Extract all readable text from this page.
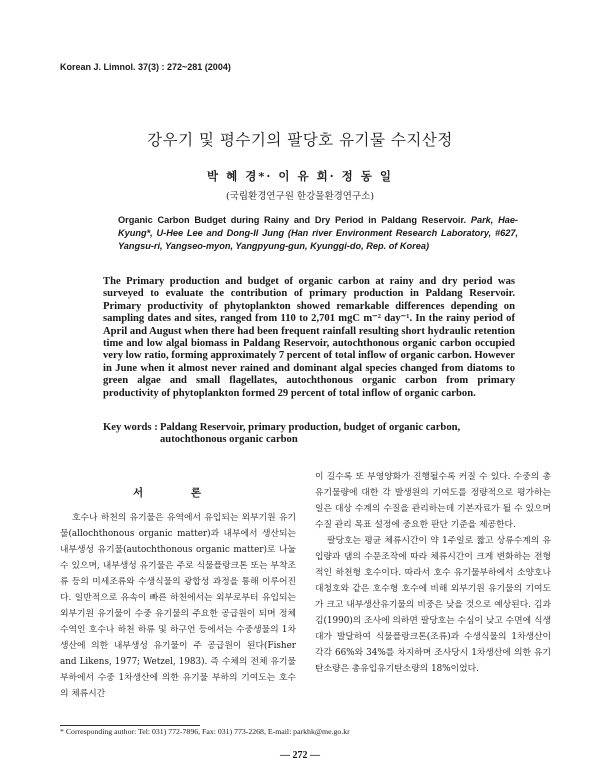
Korean J. Limnol. 37(3) : 272~281 (2004)
강우기 및 평수기의 팔당호 유기물 수지산정
박 혜 경*· 이 유 희· 정 동 일
(국립환경연구원 한강물환경연구소)
Organic Carbon Budget during Rainy and Dry Period in Paldang Reservoir. Park, Hae-Kyung*, U-Hee Lee and Dong-Il Jung (Han river Environment Research Laboratory, #627, Yangsu-ri, Yangseo-myon, Yangpyung-gun, Kyunggi-do, Rep. of Korea)
The Primary production and budget of organic carbon at rainy and dry period was surveyed to evaluate the contribution of primary production in Paldang Reservoir. Primary productivity of phytoplankton showed remarkable differences depending on sampling dates and sites, ranged from 110 to 2,701 mgC m⁻² day⁻¹. In the rainy period of April and August when there had been frequent rainfall resulting short hydraulic retention time and low algal biomass in Paldang Reservoir, autochthonous organic carbon occupied very low ratio, forming approximately 7 percent of total inflow of organic carbon. However in June when it almost never rained and dominant algal species changed from diatoms to green algae and small flagellates, autochthonous organic carbon from primary productivity of phytoplankton formed 29 percent of total inflow of organic carbon.
Key words : Paldang Reservoir, primary production, budget of organic carbon, autochthonous organic carbon
서 론

호수나 하천의 유기물은 유역에서 유입되는 외부기원 유기물(allochthonous organic matter)과 내부에서 생산되는 내부생성 유기물(autochthonous organic matter)로 나눌 수 있으며, 내부생성 유기물은 주로 식물플랑크톤 또는 부착조류 등의 미세조류와 수생식물의 광합성 과정을 통해 이루어진다. 일반적으로 유속이 빠른 하천에서는 외부로부터 유입되는 외부기원 유기물이 수중 유기물의 주요한 공급원이 되며 정체수역인 호수나 하천 하류 및 하구언 등에서는 수중생물의 1차생산에 의한 내부생성 유기물이 주 공급원이 된다(Fisher and Likens, 1977; Wetzel, 1983). 즉 수체의 전체 유기물 부하에서 수중 1차생산에 의한 유기물 부하의 기여도는 호수의 체류시간

이 길수록 또 부영양화가 진행될수록 커질 수 있다. 수중의 총유기물량에 대한 각 발생원의 기여도를 정량적으로 평가하는 일은 대상 수계의 수질을 관리하는데 기본자료가 될 수 있으며 수질 관리 목표 설정에 중요한 판단 기준을 제공한다.

팔당호는 평균 체류시간이 약 1주일로 짧고 상류수계의 유입량과 댐의 수문조작에 따라 체류시간이 크게 변화하는 전형적인 하천형 호수이다. 따라서 호수 유기물부하에서 소양호나 대청호와 같은 호수형 호수에 비해 외부기원 유기물의 기여도가 크고 내부생산유기물의 비중은 낮을 것으로 예상된다. 김과 김(1990)의 조사에 의하면 팔당호는 수심이 낮고 수면에 식생대가 발달하여 식물플랑크톤(조류)과 수생식물의 1차생산이 각각 66%와 34%를 차지하며 조사당시 1차생산에 의한 유기탄소량은 총유입유기탄소량의 18%이었다.

* Corresponding author: Tel: 031) 772-7896, Fax: 031) 773-2268, E-mail: parkhk@me.go.kr
— 272 —
